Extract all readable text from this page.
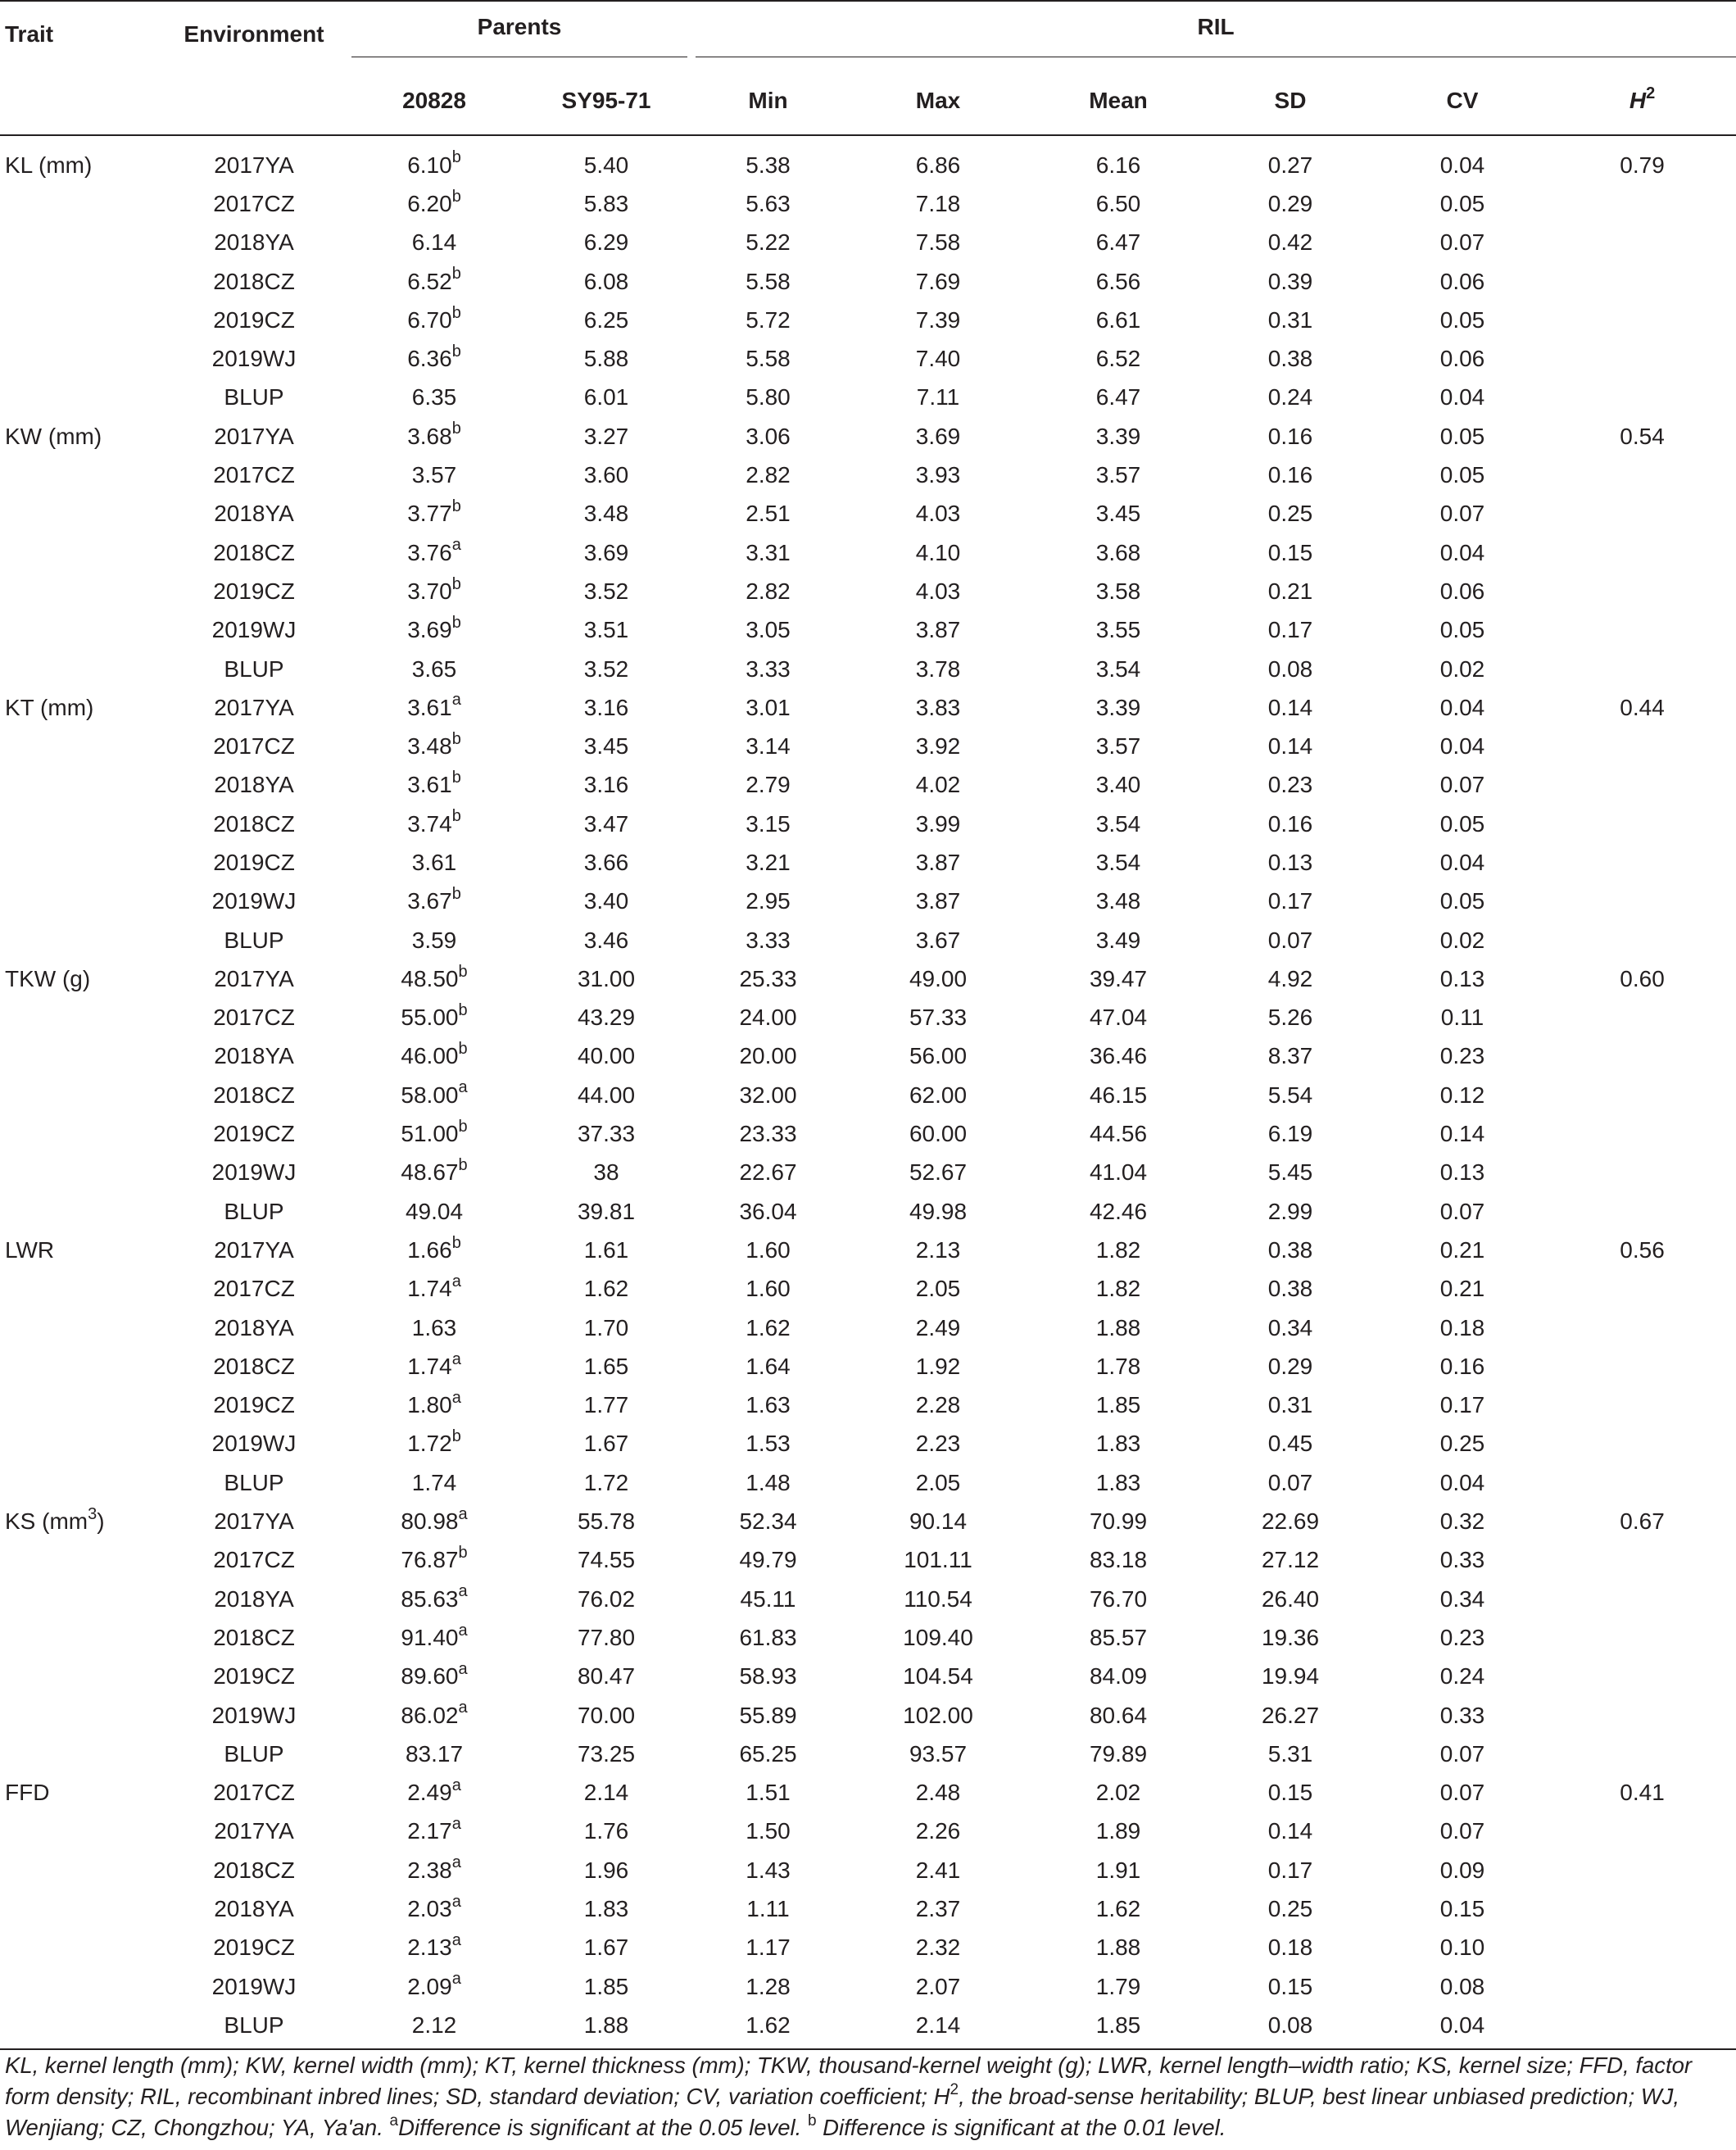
Trait	Environment	Parents		RIL					

		20828	SY95-71	Min	Max	Mean	SD	CV	$H^2$
KL (mm)	2017YA	6.10$^b$	5.40	5.38	6.86	6.16	0.27	0.04	0.79
	2017CZ	6.20$^b$	5.83	5.63	7.18	6.50	0.29	0.05	
	2018YA	6.14	6.29	5.22	7.58	6.47	0.42	0.07	
	2018CZ	6.52$^b$	6.08	5.58	7.69	6.56	0.39	0.06	
	2019CZ	6.70$^b$	6.25	5.72	7.39	6.61	0.31	0.05	
	2019WJ	6.36$^b$	5.88	5.58	7.40	6.52	0.38	0.06	
	BLUP	6.35	6.01	5.80	7.11	6.47	0.24	0.04	
KW (mm)	2017YA	3.68$^b$	3.27	3.06	3.69	3.39	0.16	0.05	0.54
	2017CZ	3.57	3.60	2.82	3.93	3.57	0.16	0.05	
	2018YA	3.77$^b$	3.48	2.51	4.03	3.45	0.25	0.07	
	2018CZ	3.76$^a$	3.69	3.31	4.10	3.68	0.15	0.04	
	2019CZ	3.70$^b$	3.52	2.82	4.03	3.58	0.21	0.06	
	2019WJ	3.69$^b$	3.51	3.05	3.87	3.55	0.17	0.05	
	BLUP	3.65	3.52	3.33	3.78	3.54	0.08	0.02	
KT (mm)	2017YA	3.61$^a$	3.16	3.01	3.83	3.39	0.14	0.04	0.44
	2017CZ	3.48$^b$	3.45	3.14	3.92	3.57	0.14	0.04	
	2018YA	3.61$^b$	3.16	2.79	4.02	3.40	0.23	0.07	
	2018CZ	3.74$^b$	3.47	3.15	3.99	3.54	0.16	0.05	
	2019CZ	3.61	3.66	3.21	3.87	3.54	0.13	0.04	
	2019WJ	3.67$^b$	3.40	2.95	3.87	3.48	0.17	0.05	
	BLUP	3.59	3.46	3.33	3.67	3.49	0.07	0.02	
TKW (g)	2017YA	48.50$^b$	31.00	25.33	49.00	39.47	4.92	0.13	0.60
	2017CZ	55.00$^b$	43.29	24.00	57.33	47.04	5.26	0.11	
	2018YA	46.00$^b$	40.00	20.00	56.00	36.46	8.37	0.23	
	2018CZ	58.00$^a$	44.00	32.00	62.00	46.15	5.54	0.12	
	2019CZ	51.00$^b$	37.33	23.33	60.00	44.56	6.19	0.14	
	2019WJ	48.67$^b$	38	22.67	52.67	41.04	5.45	0.13	
	BLUP	49.04	39.81	36.04	49.98	42.46	2.99	0.07	
LWR	2017YA	1.66$^b$	1.61	1.60	2.13	1.82	0.38	0.21	0.56
	2017CZ	1.74$^a$	1.62	1.60	2.05	1.82	0.38	0.21	
	2018YA	1.63	1.70	1.62	2.49	1.88	0.34	0.18	
	2018CZ	1.74$^a$	1.65	1.64	1.92	1.78	0.29	0.16	
	2019CZ	1.80$^a$	1.77	1.63	2.28	1.85	0.31	0.17	
	2019WJ	1.72$^b$	1.67	1.53	2.23	1.83	0.45	0.25	
	BLUP	1.74	1.72	1.48	2.05	1.83	0.07	0.04	
KS $(mm^3)$	2017YA	80.98$^a$	55.78	52.34	90.14	70.99	22.69	0.32	0.67
	2017CZ	76.87$^b$	74.55	49.79	101.11	83.18	27.12	0.33	
	2018YA	85.63$^a$	76.02	45.11	110.54	76.70	26.40	0.34	
	2018CZ	91.40$^a$	77.80	61.83	109.40	85.57	19.36	0.23	
	2019CZ	89.60$^a$	80.47	58.93	104.54	84.09	19.94	0.24	
	2019WJ	86.02$^a$	70.00	55.89	102.00	80.64	26.27	0.33	
	BLUP	83.17	73.25	65.25	93.57	79.89	5.31	0.07	
FFD	2017CZ	2.49$^a$	2.14	1.51	2.48	2.02	0.15	0.07	0.41
	2017YA	2.17$^a$	1.76	1.50	2.26	1.89	0.14	0.07	
	2018CZ	2.38$^a$	1.96	1.43	2.41	1.91	0.17	0.09	
	2018YA	2.03$^a$	1.83	1.11	2.37	1.62	0.25	0.15	
	2019CZ	2.13$^a$	1.67	1.17	2.32	1.88	0.18	0.10	
	2019WJ	2.09$^a$	1.85	1.28	2.07	1.79	0.15	0.08	
	BLUP	2.12	1.88	1.62	2.14	1.85	0.08	0.04	
KL, kernel length (mm); KW, kernel width (mm); KT, kernel thickness (mm); TKW, thousand-kernel weight (g); LWR, kernel length–width ratio; KS, kernel size; FFD, factor form density; RIL, recombinant inbred lines; SD, standard deviation; CV, variation coefficient; $H^2$, the broad-sense heritability; BLUP, best linear unbiased prediction; WJ, Wenjiang; CZ, Chongzhou; YA, Ya'an. $^a$Difference is significant at the 0.05 level. $^b$ Difference is significant at the 0.01 level.
